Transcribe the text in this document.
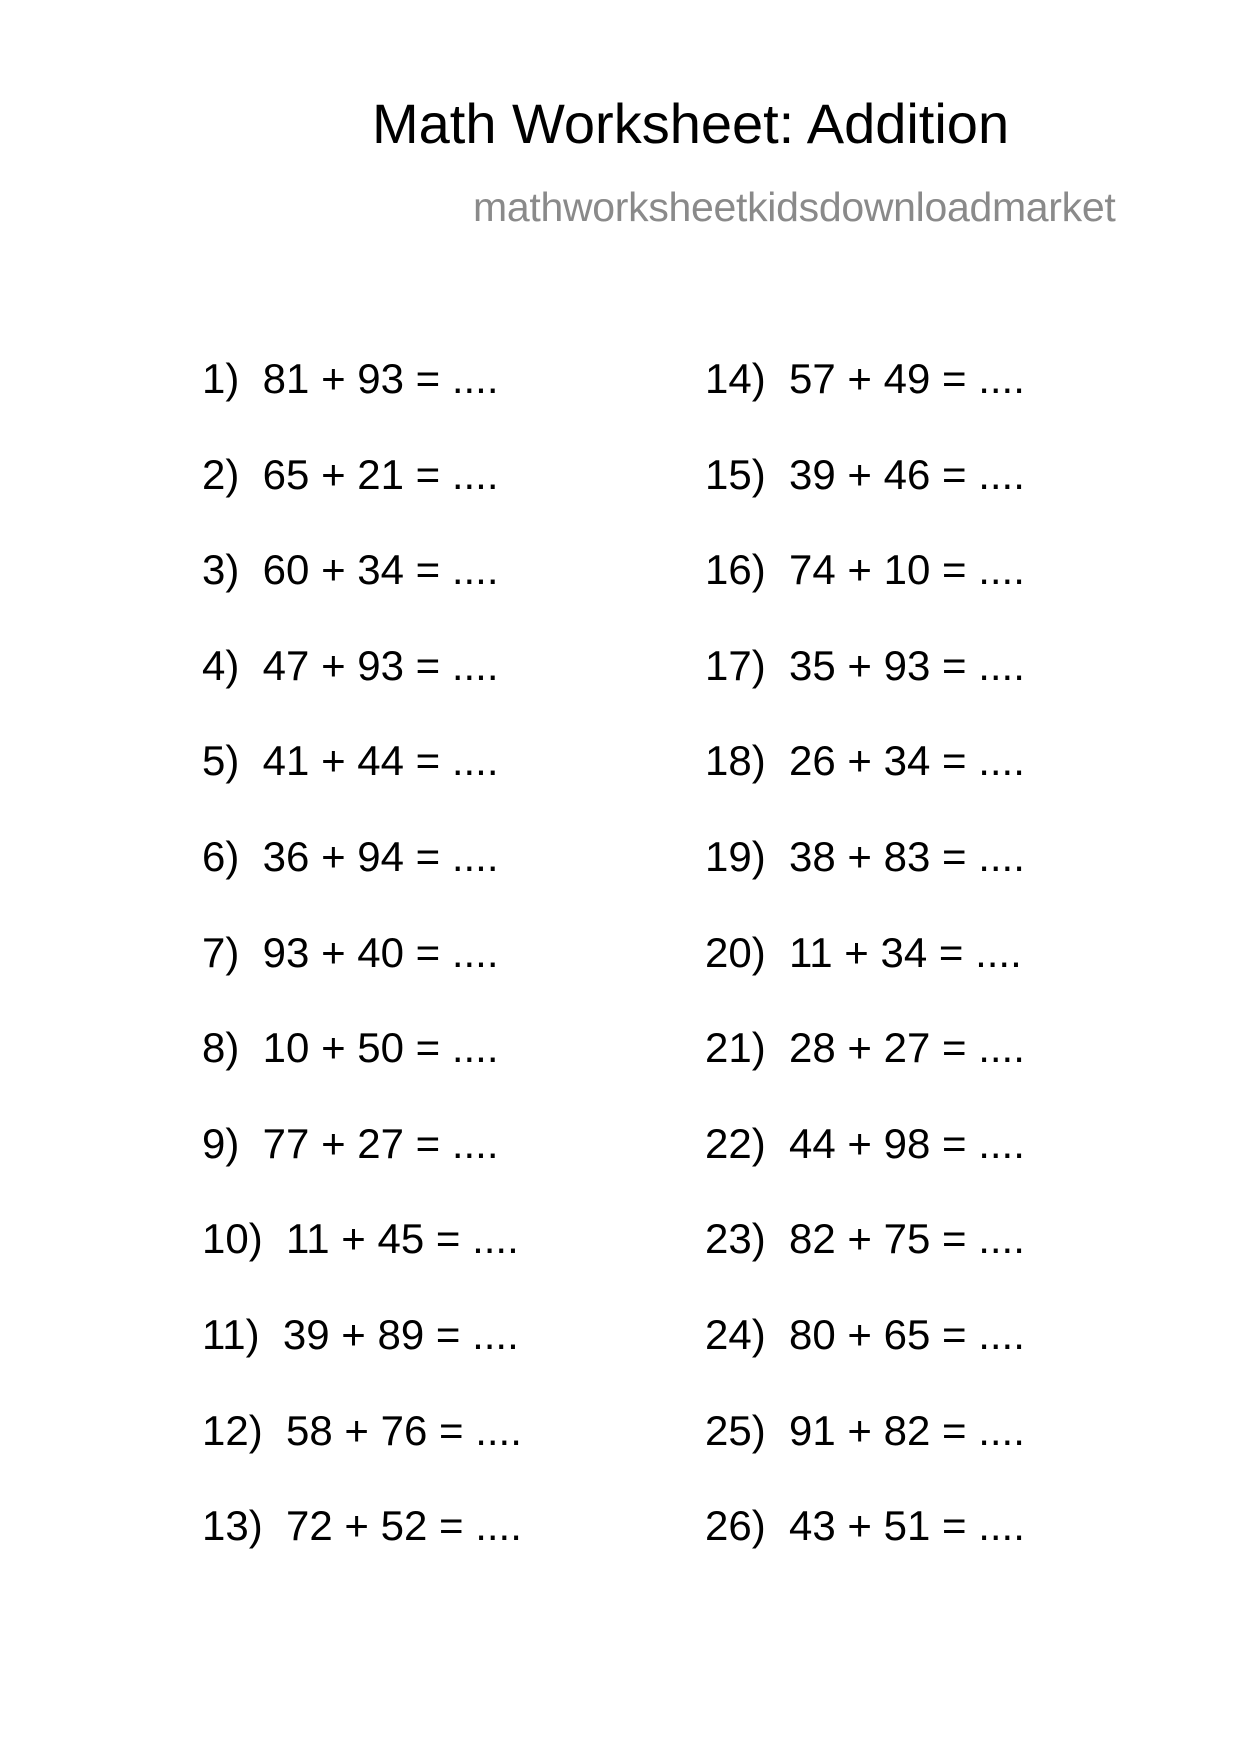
Math Worksheet: Addition
mathworksheetkidsdownloadmarket
1)  81 + 93 = ....
2)  65 + 21 = ....
3)  60 + 34 = ....
4)  47 + 93 = ....
5)  41 + 44 = ....
6)  36 + 94 = ....
7)  93 + 40 = ....
8)  10 + 50 = ....
9)  77 + 27 = ....
10)  11 + 45 = ....
11)  39 + 89 = ....
12)  58 + 76 = ....
13)  72 + 52 = ....
14)  57 + 49 = ....
15)  39 + 46 = ....
16)  74 + 10 = ....
17)  35 + 93 = ....
18)  26 + 34 = ....
19)  38 + 83 = ....
20)  11 + 34 = ....
21)  28 + 27 = ....
22)  44 + 98 = ....
23)  82 + 75 = ....
24)  80 + 65 = ....
25)  91 + 82 = ....
26)  43 + 51 = ....
